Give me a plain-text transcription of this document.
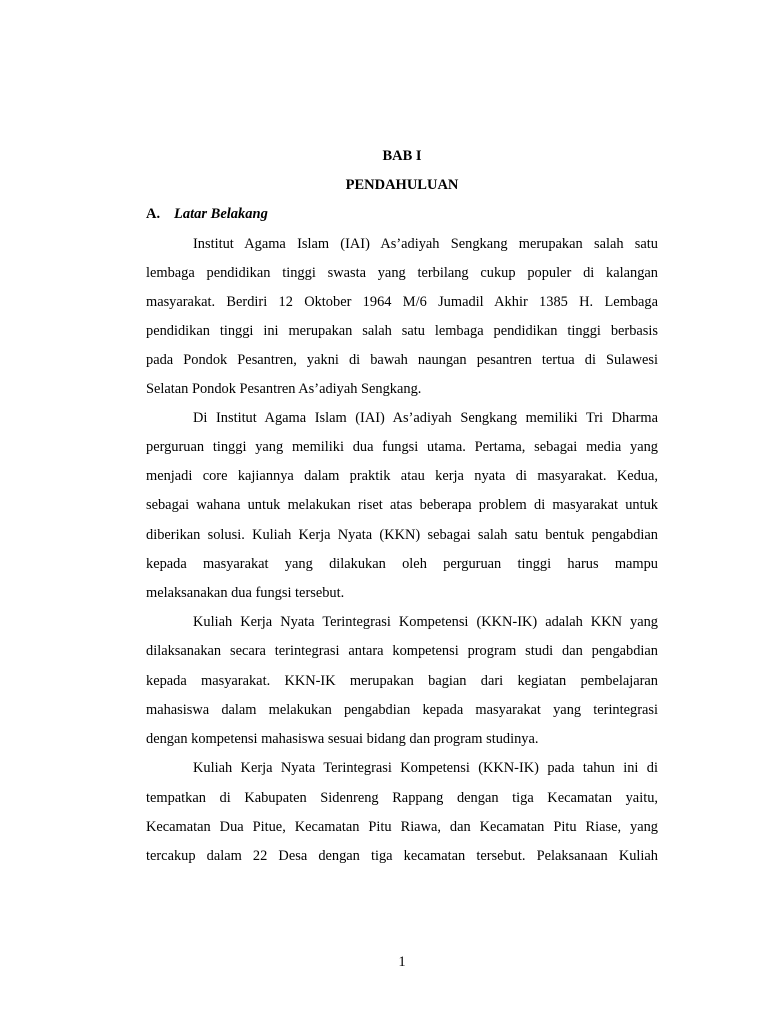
BAB I
PENDAHULUAN
A. Latar Belakang
Institut Agama Islam (IAI) As’adiyah Sengkang merupakan salah satu
lembaga pendidikan tinggi swasta yang terbilang cukup populer di kalangan
masyarakat. Berdiri 12 Oktober 1964 M/6 Jumadil Akhir 1385 H. Lembaga
pendidikan tinggi ini merupakan salah satu lembaga pendidikan tinggi berbasis
pada Pondok Pesantren, yakni di bawah naungan pesantren tertua di Sulawesi
Selatan Pondok Pesantren As’adiyah Sengkang.
Di Institut Agama Islam (IAI) As’adiyah Sengkang memiliki Tri Dharma
perguruan tinggi yang memiliki dua fungsi utama. Pertama, sebagai media yang
menjadi core kajiannya dalam praktik atau kerja nyata di masyarakat. Kedua,
sebagai wahana untuk melakukan riset atas beberapa problem di masyarakat untuk
diberikan solusi. Kuliah Kerja Nyata (KKN) sebagai salah satu bentuk pengabdian
kepada masyarakat yang dilakukan oleh perguruan tinggi harus mampu
melaksanakan dua fungsi tersebut.
Kuliah Kerja Nyata Terintegrasi Kompetensi (KKN-IK) adalah KKN yang
dilaksanakan secara terintegrasi antara kompetensi program studi dan pengabdian
kepada masyarakat. KKN-IK merupakan bagian dari kegiatan pembelajaran
mahasiswa dalam melakukan pengabdian kepada masyarakat yang terintegrasi
dengan kompetensi mahasiswa sesuai bidang dan program studinya.
Kuliah Kerja Nyata Terintegrasi Kompetensi (KKN-IK) pada tahun ini di
tempatkan di Kabupaten Sidenreng Rappang dengan tiga Kecamatan yaitu,
Kecamatan Dua Pitue, Kecamatan Pitu Riawa, dan Kecamatan Pitu Riase, yang
tercakup dalam 22 Desa dengan tiga kecamatan tersebut. Pelaksanaan Kuliah
1
